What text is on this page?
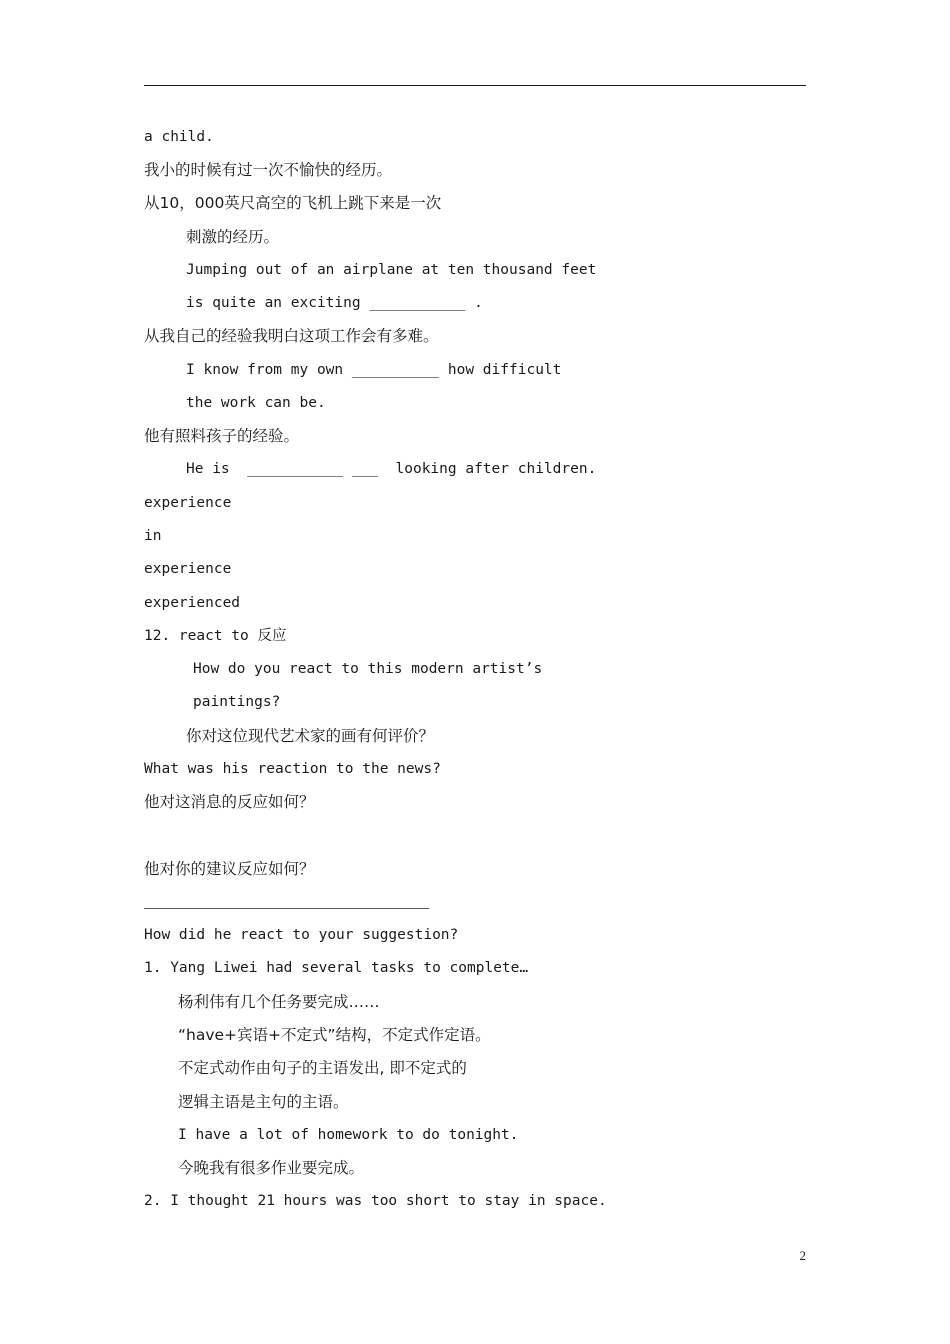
a child.
我小的时候有过一次不愉快的经历。
从10，000英尺高空的飞机上跳下来是一次
刺激的经历。
Jumping out of an airplane at ten thousand feet
is quite an exciting ___________ .
从我自己的经验我明白这项工作会有多难。
I know from my own __________ how difficult
the work can be.
他有照料孩子的经验。
He is  ___________ ___  looking after children.
experience
in
experience
experienced
12. react to 反应
How do you react to this modern artist’s
paintings?
你对这位现代艺术家的画有何评价？
What was his reaction to the news?
他对这消息的反应如何？
他对你的建议反应如何？
How did he react to your suggestion?
1. Yang Liwei had several tasks to complete…
杨利伟有几个任务要完成……
“have+宾语+不定式”结构，不定式作定语。
不定式动作由句子的主语发出, 即不定式的
逻辑主语是主句的主语。
I have a lot of homework to do tonight.
今晚我有很多作业要完成。
2. I thought 21 hours was too short to stay in space.
2
